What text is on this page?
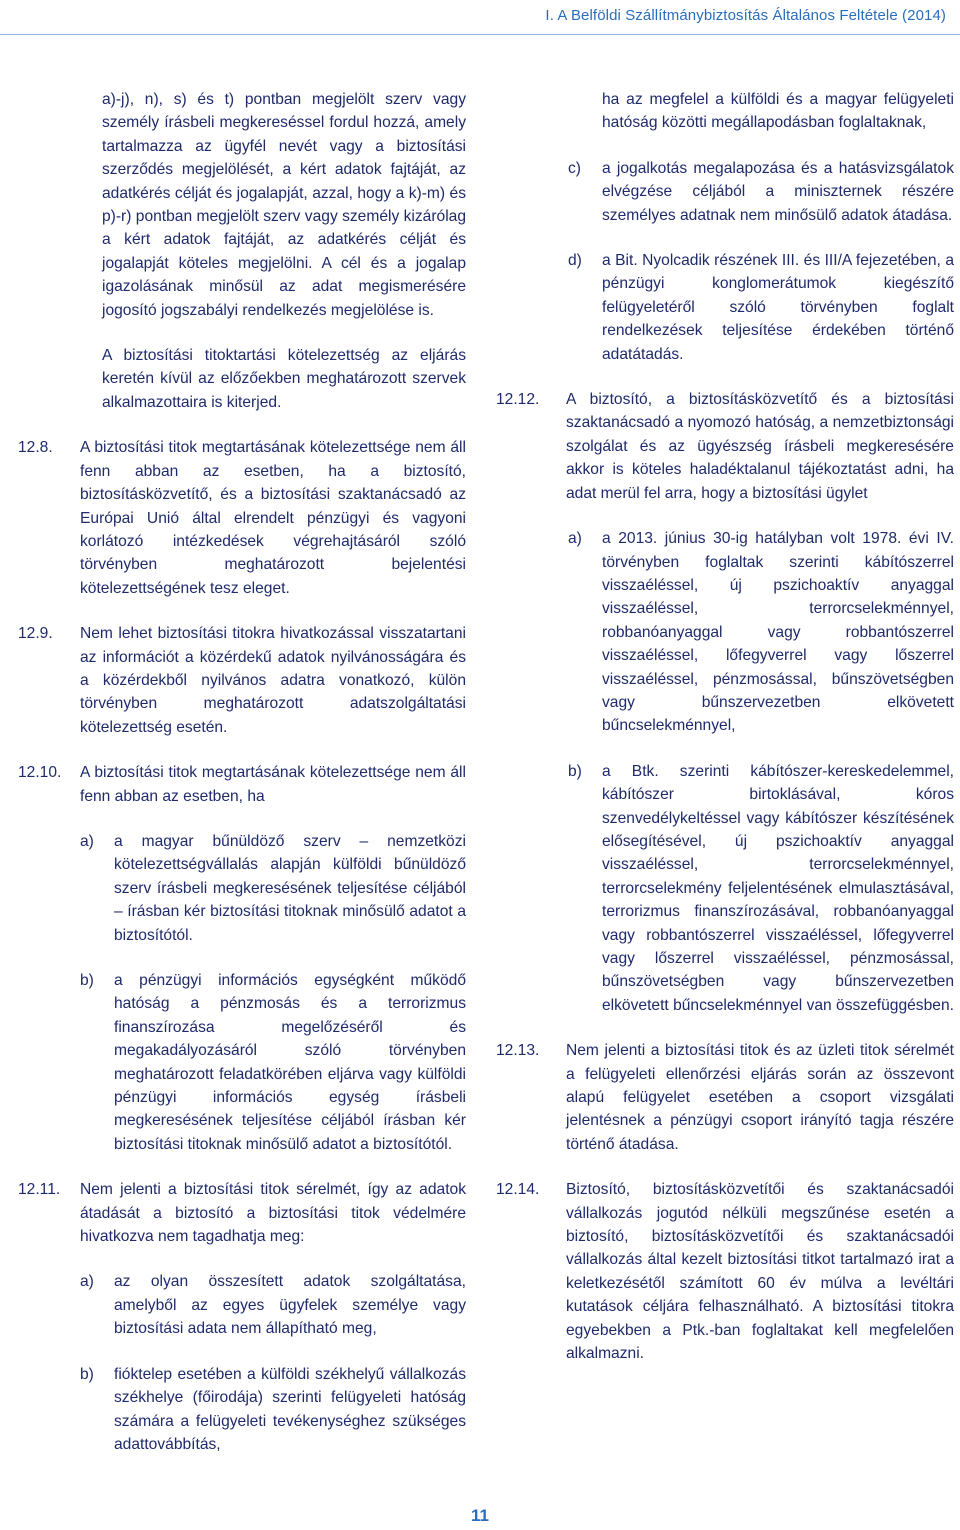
I. A Belföldi Szállítmánybiztosítás Általános Feltétele (2014)

a)-j), n), s) és t) pontban megjelölt szerv vagy személy írásbeli megkereséssel fordul hozzá, amely tartalmazza az ügyfél nevét vagy a biztosítási szerződés megjelölését, a kért adatok fajtáját, az adatkérés célját és jogalapját, azzal, hogy a k)-m) és p)-r) pontban megjelölt szerv vagy személy kizárólag a kért adatok fajtáját, az adatkérés célját és jogalapját köteles megjelölni. A cél és a jogalap igazolásának minősül az adat megismerésére jogosító jogszabályi rendelkezés megjelölése is.

A biztosítási titoktartási kötelezettség az eljárás keretén kívül az előzőekben meghatározott szervek alkalmazottaira is kiterjed.

12.8. A biztosítási titok megtartásának kötelezettsége nem áll fenn abban az esetben, ha a biztosító, biztosításközvetítő, és a biztosítási szaktanácsadó az Európai Unió által elrendelt pénzügyi és vagyoni korlátozó intézkedések végrehajtásáról szóló törvényben meghatározott bejelentési kötelezettségének tesz eleget.

12.9. Nem lehet biztosítási titokra hivatkozással visszatartani az információt a közérdekű adatok nyilvánosságára és a közérdekből nyilvános adatra vonatkozó, külön törvényben meghatározott adatszolgáltatási kötelezettség esetén.

12.10. A biztosítási titok megtartásának kötelezettsége nem áll fenn abban az esetben, ha

a) a magyar bűnüldöző szerv – nemzetközi kötelezettségvállalás alapján külföldi bűnüldöző szerv írásbeli megkeresésének teljesítése céljából – írásban kér biztosítási titoknak minősülő adatot a biztosítótól.

b) a pénzügyi információs egységként működő hatóság a pénzmosás és a terrorizmus finanszírozása megelőzéséről és megakadályozásáról szóló törvényben meghatározott feladatkörében eljárva vagy külföldi pénzügyi információs egység írásbeli megkeresésének teljesítése céljából írásban kér biztosítási titoknak minősülő adatot a biztosítótól.

12.11. Nem jelenti a biztosítási titok sérelmét, így az adatok átadását a biztosító a biztosítási titok védelmére hivatkozva nem tagadhatja meg:

a) az olyan összesített adatok szolgáltatása, amelyből az egyes ügyfelek személye vagy biztosítási adata nem állapítható meg,

b) fióktelep esetében a külföldi székhelyű vállalkozás székhelye (főirodája) szerinti felügyeleti hatóság számára a felügyeleti tevékenységhez szükséges adattovábbítás,

ha az megfelel a külföldi és a magyar felügyeleti hatóság közötti megállapodásban foglaltaknak,

c) a jogalkotás megalapozása és a hatásvizsgálatok elvégzése céljából a miniszternek részére személyes adatnak nem minősülő adatok átadása.

d) a Bit. Nyolcadik részének III. és III/A fejezetében, a pénzügyi konglomerátumok kiegészítő felügyeletéről szóló törvényben foglalt rendelkezések teljesítése érdekében történő adatátadás.

12.12. A biztosító, a biztosításközvetítő és a biztosítási szaktanácsadó a nyomozó hatóság, a nemzetbiztonsági szolgálat és az ügyészség írásbeli megkeresésére akkor is köteles haladéktalanul tájékoztatást adni, ha adat merül fel arra, hogy a biztosítási ügylet

a) a 2013. június 30-ig hatályban volt 1978. évi IV. törvényben foglaltak szerinti kábítószerrel visszaéléssel, új pszichoaktív anyaggal visszaéléssel, terrorcselekménnyel, robbanóanyaggal vagy robbantószerrel visszaéléssel, lőfegyverrel vagy lőszerrel visszaéléssel, pénzmosással, bűnszövetségben vagy bűnszervezetben elkövetett bűncselekménnyel,

b) a Btk. szerinti kábítószer-kereskedelemmel, kábítószer birtoklásával, kóros szenvedélykeltéssel vagy kábítószer készítésének elősegítésével, új pszichoaktív anyaggal visszaéléssel, terrorcselekménnyel, terrorcselekmény feljelentésének elmulasztásával, terrorizmus finanszírozásával, robbanóanyaggal vagy robbantószerrel visszaéléssel, lőfegyverrel vagy lőszerrel visszaéléssel, pénzmosással, bűnszövetségben vagy bűnszervezetben elkövetett bűncselekménnyel van összefüggésben.

12.13. Nem jelenti a biztosítási titok és az üzleti titok sérelmét a felügyeleti ellenőrzési eljárás során az összevont alapú felügyelet esetében a csoport vizsgálati jelentésnek a pénzügyi csoport irányító tagja részére történő átadása.

12.14. Biztosító, biztosításközvetítői és szaktanácsadói vállalkozás jogutód nélküli megszűnése esetén a biztosító, biztosításközvetítői és szaktanácsadói vállalkozás által kezelt biztosítási titkot tartalmazó irat a keletkezésétől számított 60 év múlva a levéltári kutatások céljára felhasználható. A biztosítási titokra egyebekben a Ptk.-ban foglaltakat kell megfelelően alkalmazni.

11
